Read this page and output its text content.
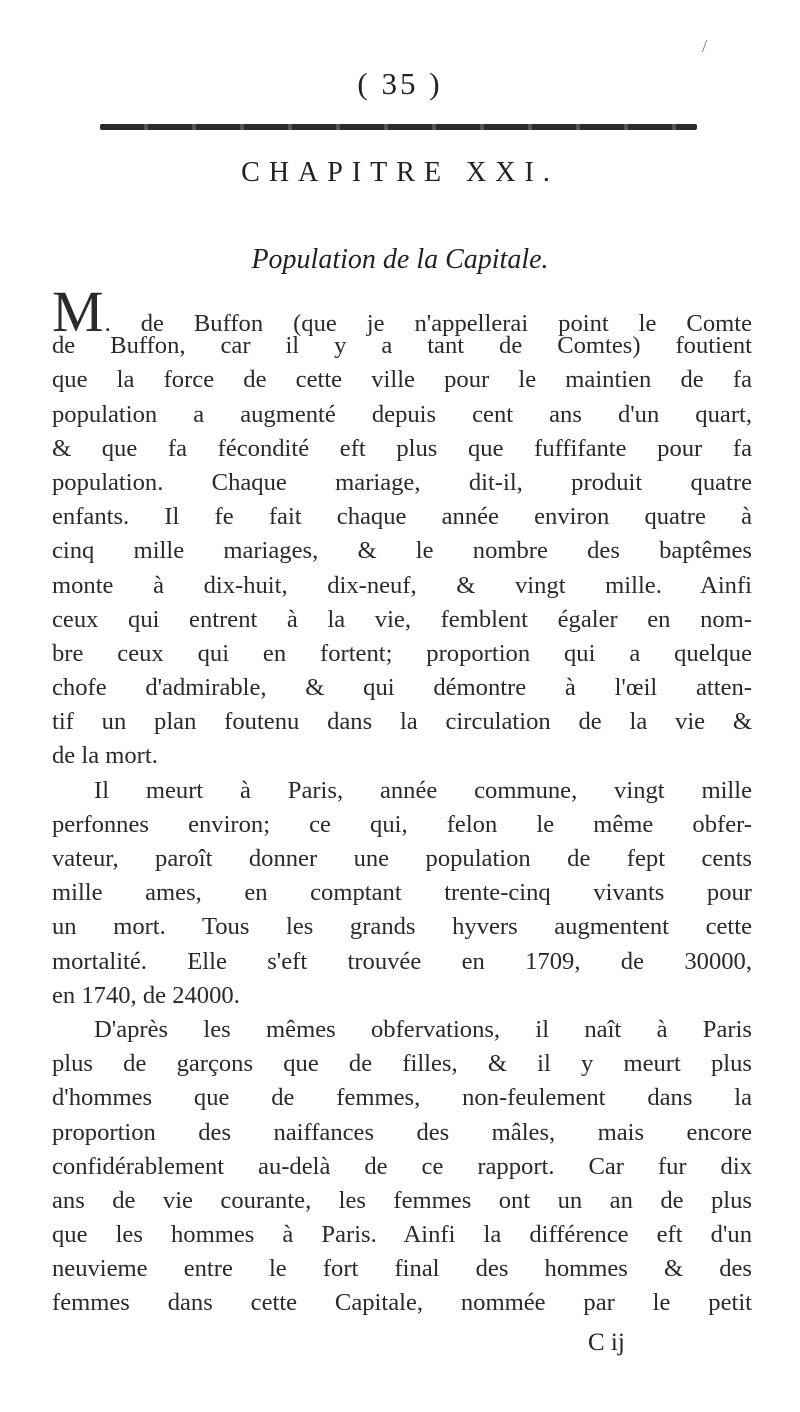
/
( 35 )
CHAPITRE XXI.
Population de la Capitale.
M. de Buffon (que je n'appellerai point le Comte
de Buffon, car il y a tant de Comtes) foutient
que la force de cette ville pour le maintien de fa
population a augmenté depuis cent ans d'un quart,
& que fa fécondité eft plus que fuffifante pour fa
population. Chaque mariage, dit-il, produit quatre
enfants. Il fe fait chaque année environ quatre à
cinq mille mariages, & le nombre des baptêmes
monte à dix-huit, dix-neuf, & vingt mille. Ainfi
ceux qui entrent à la vie, femblent égaler en nom-
bre ceux qui en fortent; proportion qui a quelque
chofe d'admirable, & qui démontre à l'œil atten-
tif un plan foutenu dans la circulation de la vie &
de la mort.
Il meurt à Paris, année commune, vingt mille
perfonnes environ; ce qui, felon le même obfer-
vateur, paroît donner une population de fept cents
mille ames, en comptant trente-cinq vivants pour
un mort. Tous les grands hyvers augmentent cette
mortalité. Elle s'eft trouvée en 1709, de 30000,
en 1740, de 24000.
D'après les mêmes obfervations, il naît à Paris
plus de garçons que de filles, & il y meurt plus
d'hommes que de femmes, non-feulement dans la
proportion des naiffances des mâles, mais encore
confidérablement au-delà de ce rapport. Car fur dix
ans de vie courante, les femmes ont un an de plus
que les hommes à Paris. Ainfi la différence eft d'un
neuvieme entre le fort final des hommes & des
femmes dans cette Capitale, nommée par le petit
C ij
